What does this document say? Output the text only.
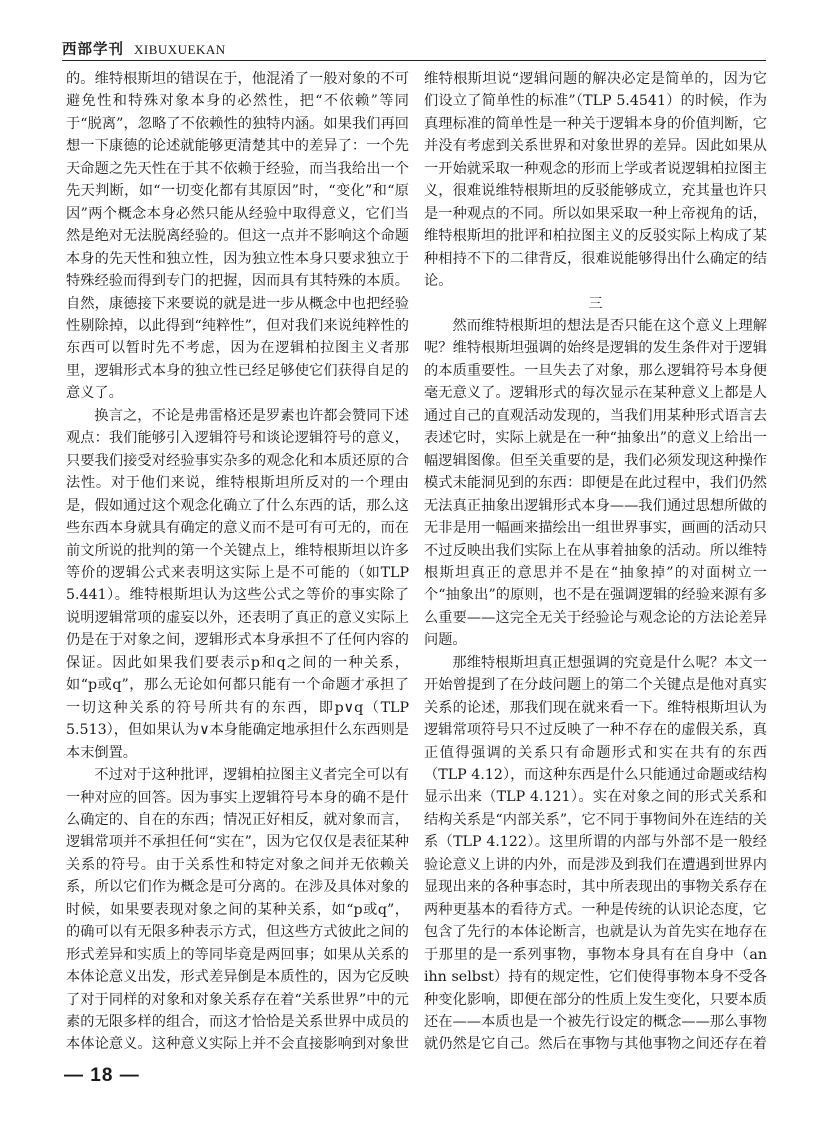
西部学刊 XIBUXUEKAN

的。维特根斯坦的错误在于，他混淆了一般对象的不可避免性和特殊对象本身的必然性，把“不依赖”等同于“脱离”，忽略了不依赖性的独特内涵。如果我们再回想一下康德的论述就能够更清楚其中的差异了：一个先天命题之先天性在于其不依赖于经验，而当我给出一个先天判断，如“一切变化都有其原因”时，“变化”和“原因”两个概念本身必然只能从经验中取得意义，它们当然是绝对无法脱离经验的。但这一点并不影响这个命题本身的先天性和独立性，因为独立性本身只要求独立于特殊经验而得到专门的把握，因而具有其特殊的本质。自然，康德接下来要说的就是进一步从概念中也把经验性剔除掉，以此得到“纯粹性”，但对我们来说纯粹性的东西可以暂时先不考虑，因为在逻辑柏拉图主义者那里，逻辑形式本身的独立性已经足够使它们获得自足的意义了。

换言之，不论是弗雷格还是罗素也许都会赞同下述观点：我们能够引入逻辑符号和谈论逻辑符号的意义，只要我们接受对经验事实杂多的观念化和本质还原的合法性。对于他们来说，维特根斯坦所反对的一个理由是，假如通过这个观念化确立了什么东西的话，那么这些东西本身就具有确定的意义而不是可有可无的，而在前文所说的批判的第一个关键点上，维特根斯坦以许多等价的逻辑公式来表明这实际上是不可能的（如TLP 5.441）。维特根斯坦认为这些公式之等价的事实除了说明逻辑常项的虚妄以外，还表明了真正的意义实际上仍是在于对象之间，逻辑形式本身承担不了任何内容的保证。因此如果我们要表示p和q之间的一种关系，如“p或q”，那么无论如何都只能有一个命题才承担了一切这种关系的符号所共有的东西，即p∨q（TLP 5.513），但如果认为∨本身能确定地承担什么东西则是本末倒置。

不过对于这种批评，逻辑柏拉图主义者完全可以有一种对应的回答。因为事实上逻辑符号本身的确不是什么确定的、自在的东西；情况正好相反，就对象而言，逻辑常项并不承担任何“实在”，因为它仅仅是表征某种关系的符号。由于关系性和特定对象之间并无依赖关系，所以它们作为概念是可分离的。在涉及具体对象的时候，如果要表现对象之间的某种关系，如“p或q”，的确可以有无限多种表示方式，但这些方式彼此之间的形式差异和实质上的等同毕竟是两回事；如果从关系的本体论意义出发，形式差异倒是本质性的，因为它反映了对于同样的对象和对象关系存在着“关系世界”中的元素的无限多样的组合，而这才恰恰是关系世界中成员的本体论意义。这种意义实际上并不会直接影响到对象世

维特根斯坦说“逻辑问题的解决必定是简单的，因为它们设立了简单性的标准”（TLP 5.4541）的时候，作为真理标准的简单性是一种关于逻辑本身的价值判断，它并没有考虑到关系世界和对象世界的差异。因此如果从一开始就采取一种观念的形而上学或者说逻辑柏拉图主义，很难说维特根斯坦的反驳能够成立，充其量也许只是一种观点的不同。所以如果采取一种上帝视角的话，维特根斯坦的批评和柏拉图主义的反驳实际上构成了某种相持不下的二律背反，很难说能够得出什么确定的结论。

三

然而维特根斯坦的想法是否只能在这个意义上理解呢？维特根斯坦强调的始终是逻辑的发生条件对于逻辑的本质重要性。一旦失去了对象，那么逻辑符号本身便毫无意义了。逻辑形式的每次显示在某种意义上都是人通过自己的直观活动发现的，当我们用某种形式语言去表述它时，实际上就是在一种“抽象出”的意义上给出一幅逻辑图像。但至关重要的是，我们必须发现这种操作模式未能洞见到的东西：即便是在此过程中，我们仍然无法真正抽象出逻辑形式本身——我们通过思想所做的无非是用一幅画来描绘出一组世界事实，画画的活动只不过反映出我们实际上在从事着抽象的活动。所以维特根斯坦真正的意思并不是在“抽象掉”的对面树立一个“抽象出”的原则，也不是在强调逻辑的经验来源有多么重要——这完全无关于经验论与观念论的方法论差异问题。

那维特根斯坦真正想强调的究竟是什么呢？本文一开始曾提到了在分歧问题上的第二个关键点是他对真实关系的论述，那我们现在就来看一下。维特根斯坦认为逻辑常项符号只不过反映了一种不存在的虚假关系，真正值得强调的关系只有命题形式和实在共有的东西（TLP 4.12），而这种东西是什么只能通过命题或结构显示出来（TLP 4.121）。实在对象之间的形式关系和结构关系是“内部关系”，它不同于事物间外在连结的关系（TLP 4.122）。这里所谓的内部与外部不是一般经验论意义上讲的内外，而是涉及到我们在遭遇到世界内显现出来的各种事态时，其中所表现出的事物关系存在两种更基本的看待方式。一种是传统的认识论态度，它包含了先行的本体论断言，也就是认为首先实在地存在于那里的是一系列事物，事物本身具有在自身中（an ihn selbst）持有的规定性，它们使得事物本身不受各种变化影响，即便在部分的性质上发生变化，只要本质还在——本质也是一个被先行设定的概念——那么事物就仍然是它自己。然后在事物与其他事物之间还存在着

— 18 —
